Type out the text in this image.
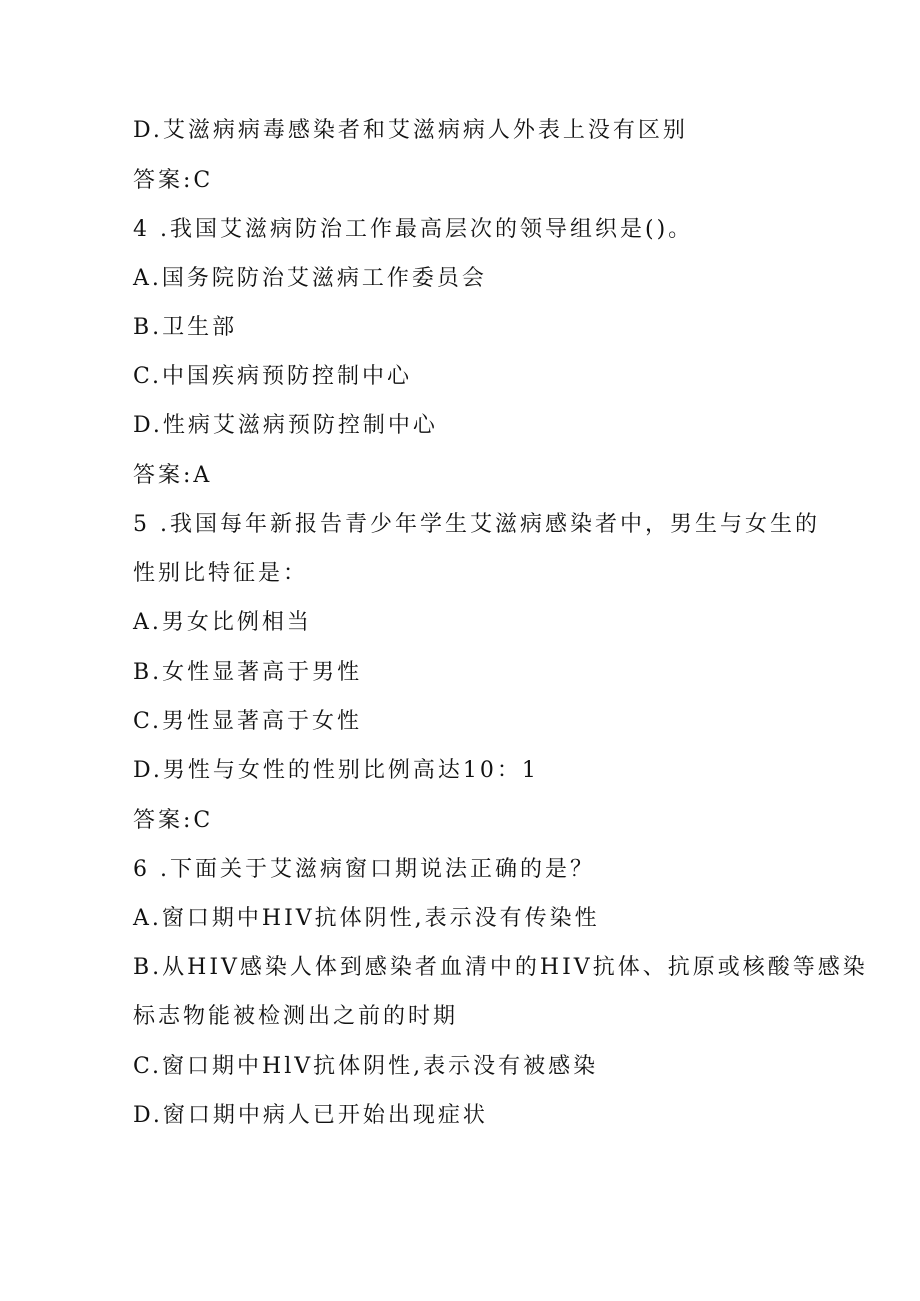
D.艾滋病病毒感染者和艾滋病病人外表上没有区别
答案:C
4 .我国艾滋病防治工作最高层次的领导组织是()。
A.国务院防治艾滋病工作委员会
B.卫生部
C.中国疾病预防控制中心
D.性病艾滋病预防控制中心
答案:A
5 .我国每年新报告青少年学生艾滋病感染者中，男生与女生的
性别比特征是：
A.男女比例相当
B.女性显著高于男性
C.男性显著高于女性
D.男性与女性的性别比例高达10：1
答案:C
6 .下面关于艾滋病窗口期说法正确的是？
A.窗口期中HIV抗体阴性,表示没有传染性
B.从HIV感染人体到感染者血清中的HIV抗体、抗原或核酸等感染
标志物能被检测出之前的时期
C.窗口期中HlV抗体阴性,表示没有被感染
D.窗口期中病人已开始出现症状
